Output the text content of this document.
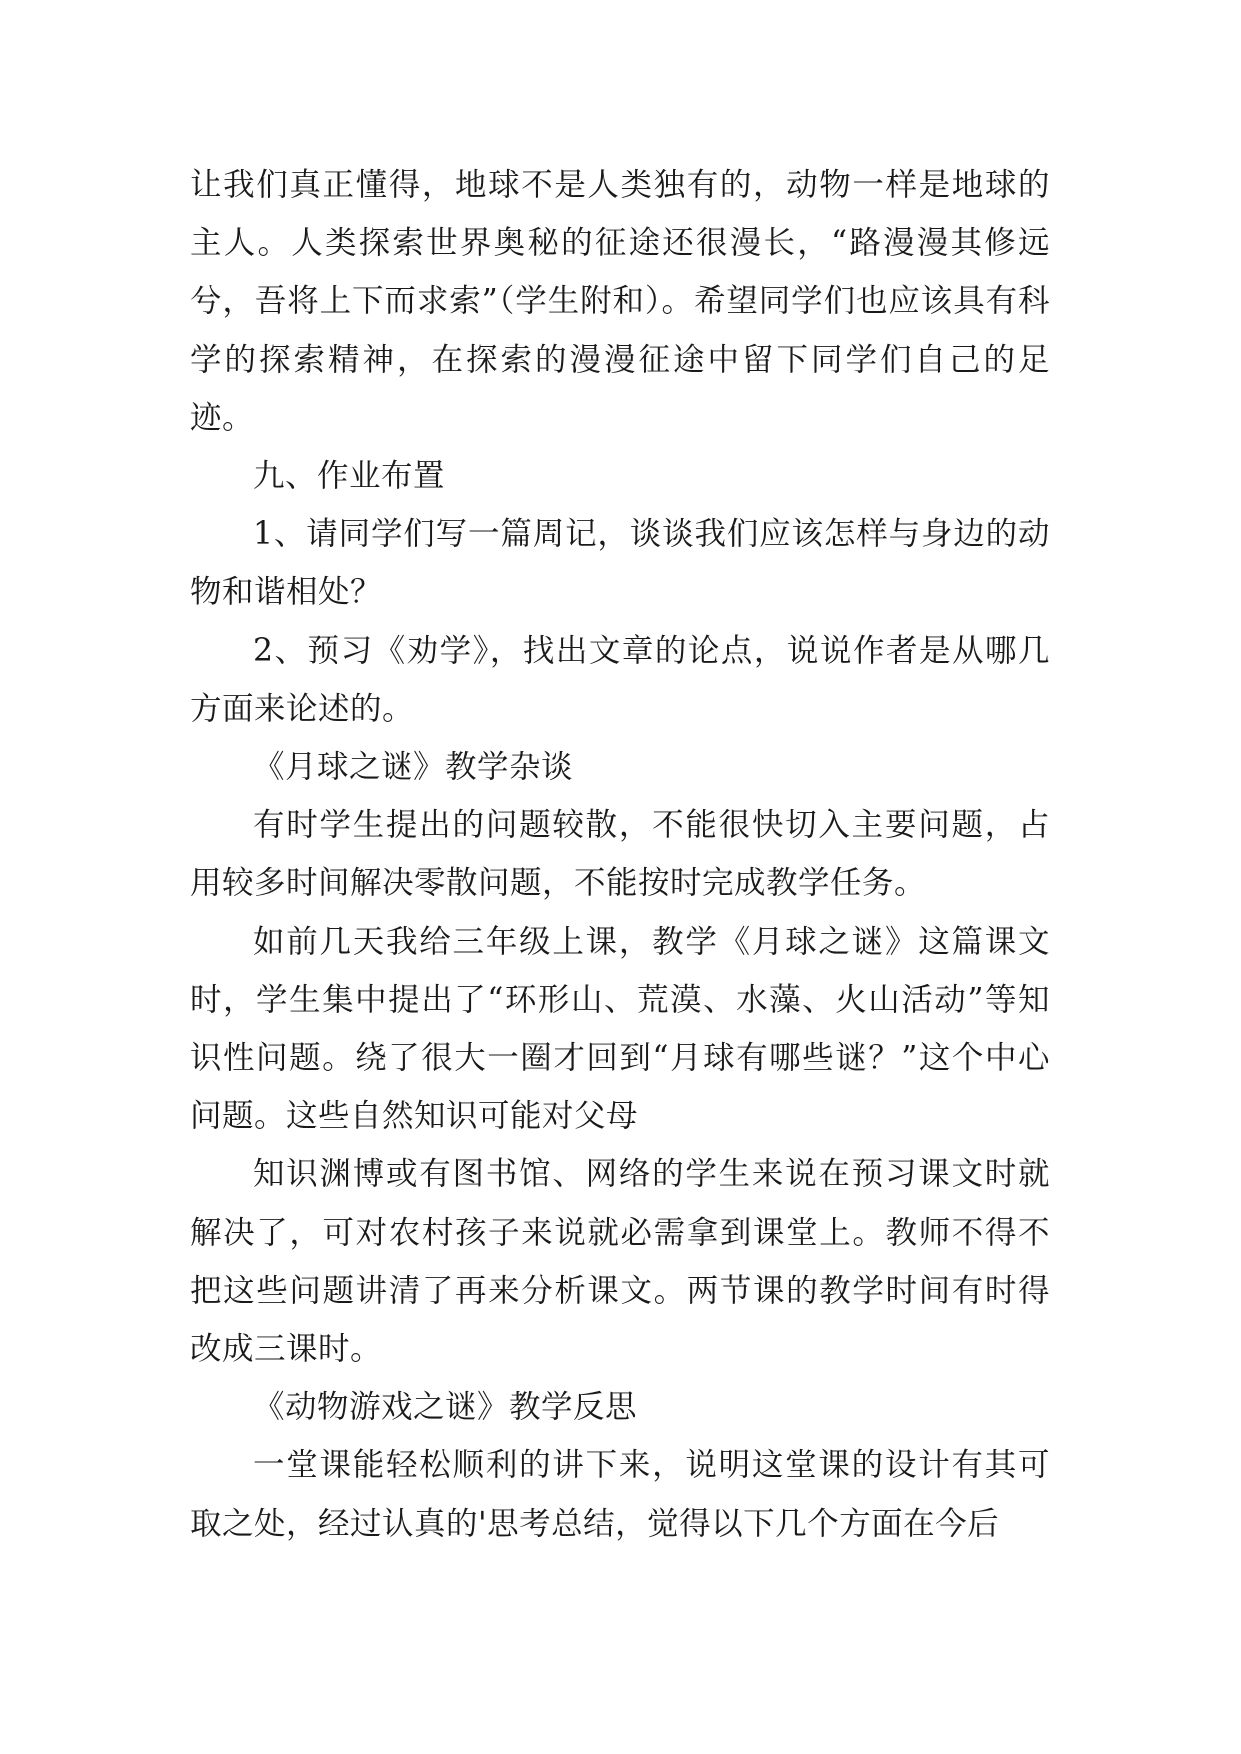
让我们真正懂得，地球不是人类独有的，动物一样是地球的主人。人类探索世界奥秘的征途还很漫长，“路漫漫其修远兮，吾将上下而求索”（学生附和）。希望同学们也应该具有科学的探索精神，在探索的漫漫征途中留下同学们自己的足迹。

九、作业布置

1、请同学们写一篇周记，谈谈我们应该怎样与身边的动物和谐相处？

2、预习《劝学》，找出文章的论点，说说作者是从哪几方面来论述的。

《月球之谜》教学杂谈

有时学生提出的问题较散，不能很快切入主要问题，占用较多时间解决零散问题，不能按时完成教学任务。

如前几天我给三年级上课，教学《月球之谜》这篇课文时，学生集中提出了“环形山、荒漠、水藻、火山活动”等知识性问题。绕了很大一圈才回到“月球有哪些谜？”这个中心问题。这些自然知识可能对父母

知识渊博或有图书馆、网络的学生来说在预习课文时就解决了，可对农村孩子来说就必需拿到课堂上。教师不得不把这些问题讲清了再来分析课文。两节课的教学时间有时得改成三课时。

《动物游戏之谜》教学反思

一堂课能轻松顺利的讲下来，说明这堂课的设计有其可取之处，经过认真的'思考总结，觉得以下几个方面在今后
